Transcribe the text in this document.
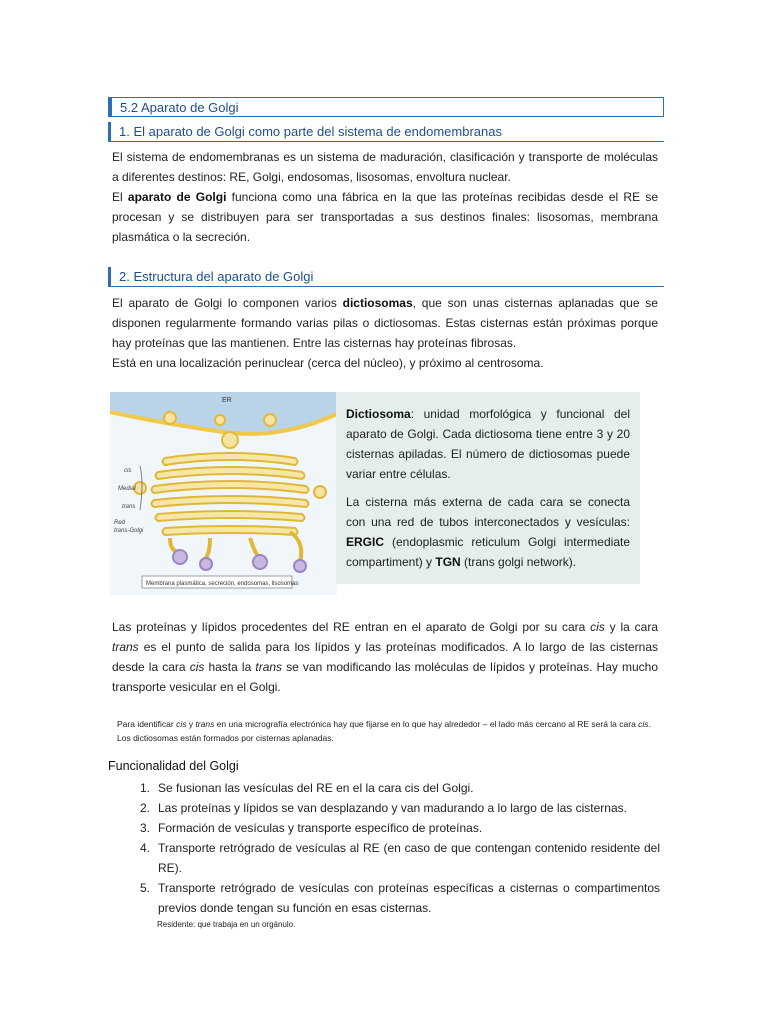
5.2 Aparato de Golgi
1. El aparato de Golgi como parte del sistema de endomembranas

El sistema de endomembranas es un sistema de maduración, clasificación y transporte de moléculas a diferentes destinos: RE, Golgi, endosomas, lisosomas, envoltura nuclear.
El aparato de Golgi funciona como una fábrica en la que las proteínas recibidas desde el RE se procesan y se distribuyen para ser transportadas a sus destinos finales: lisosomas, membrana plasmática o la secreción.

2. Estructura del aparato de Golgi

El aparato de Golgi lo componen varios dictiosomas, que son unas cisternas aplanadas que se disponen regularmente formando varias pilas o dictiosomas. Estas cisternas están próximas porque hay proteínas que las mantienen. Entre las cisternas hay proteínas fibrosas.
Está en una localización perinuclear (cerca del núcleo), y próximo al centrosoma.

ER
cis
Medial
trans
Red
trans-Golgi
Membrana plasmática, secreción, endosomas, lisosomas

Dictiosoma: unidad morfológica y funcional del aparato de Golgi. Cada dictiosoma tiene entre 3 y 20 cisternas apiladas. El número de dictiosomas puede variar entre células.

La cisterna más externa de cada cara se conecta con una red de tubos interconectados y vesículas: ERGIC (endoplasmic reticulum Golgi intermediate compartiment) y TGN (trans golgi network).

Las proteínas y lípidos procedentes del RE entran en el aparato de Golgi por su cara cis y la cara trans es el punto de salida para los lípidos y las proteínas modificados. A lo largo de las cisternas desde la cara cis hasta la trans se van modificando las moléculas de lípidos y proteínas. Hay mucho transporte vesicular en el Golgi.

Para identificar cis y trans en una micrografía electrónica hay que fijarse en lo que hay alrededor – el lado más cercano al RE será la cara cis. Los dictiosomas están formados por cisternas aplanadas.
Funcionalidad del Golgi
1. Se fusionan las vesículas del RE en el la cara cis del Golgi.
2. Las proteínas y lípidos se van desplazando y van madurando a lo largo de las cisternas.
3. Formación de vesículas y transporte específico de proteínas.
4. Transporte retrógrado de vesículas al RE (en caso de que contengan contenido residente del RE).
5. Transporte retrógrado de vesículas con proteínas específicas a cisternas o compartimentos previos donde tengan su función en esas cisternas.
Residente: que trabaja en un orgánulo.
